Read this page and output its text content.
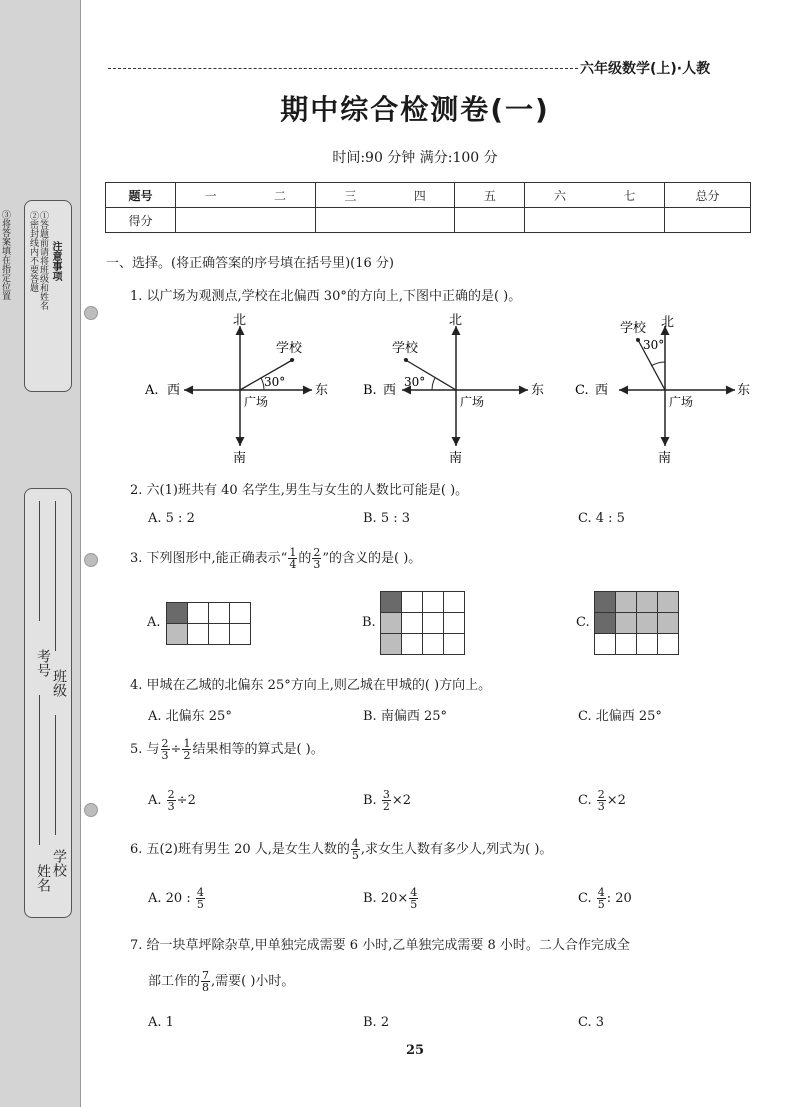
注意事项
①答题前请将班级和姓名
②密封线内不要答题
③将答案填在指定位置
班级
考号
学校
姓名
六年级数学(上)·人教
期中综合检测卷(一)
时间:90 分钟 满分:100 分
题号	一	二	三	四	五	六	七	总分
得分								
一、选择。(将正确答案的序号填在括号里)(16 分)
1. 以广场为观测点,学校在北偏西 30°的方向上,下图中正确的是( )。
A. 西	东
北
南
学校
30°
广场
B. 西	东
北
南
学校
30°
广场
C. 西	东
北
南
学校
30°
广场
2. 六(1)班共有 40 名学生,男生与女生的人数比可能是( )。
A. 5 : 2	B. 5 : 3	C. 4 : 5
3. 下列图形中,能正确表示“ $\frac{1}{4}$ 的 $\frac{2}{3}$ ”的含义的是( )。
A.	B.	C.
4. 甲城在乙城的北偏东 25°方向上,则乙城在甲城的( )方向上。
A. 北偏东 25°	B. 南偏西 25°	C. 北偏西 25°
5. 与 $\frac{2}{3} \div \frac{1}{2}$ 结果相等的算式是( )。
A. $\frac{2}{3} \div 2$	B. $\frac{3}{2} \times 2$	C. $\frac{2}{3} \times 2$
6. 五(2)班有男生 20 人,是女生人数的 $\frac{4}{5}$ ,求女生人数有多少人,列式为( )。
A. 20 : $\frac{4}{5}$	B. $20\times \frac{4}{5}$	C. $\frac{4}{5}$ : 20
7. 给一块草坪除杂草,甲单独完成需要 6 小时,乙单独完成需要 8 小时。二人合作完成全
部工作的 $\frac{7}{8}$ ,需要( )小时。
A. 1	B. 2	C. 3
25
